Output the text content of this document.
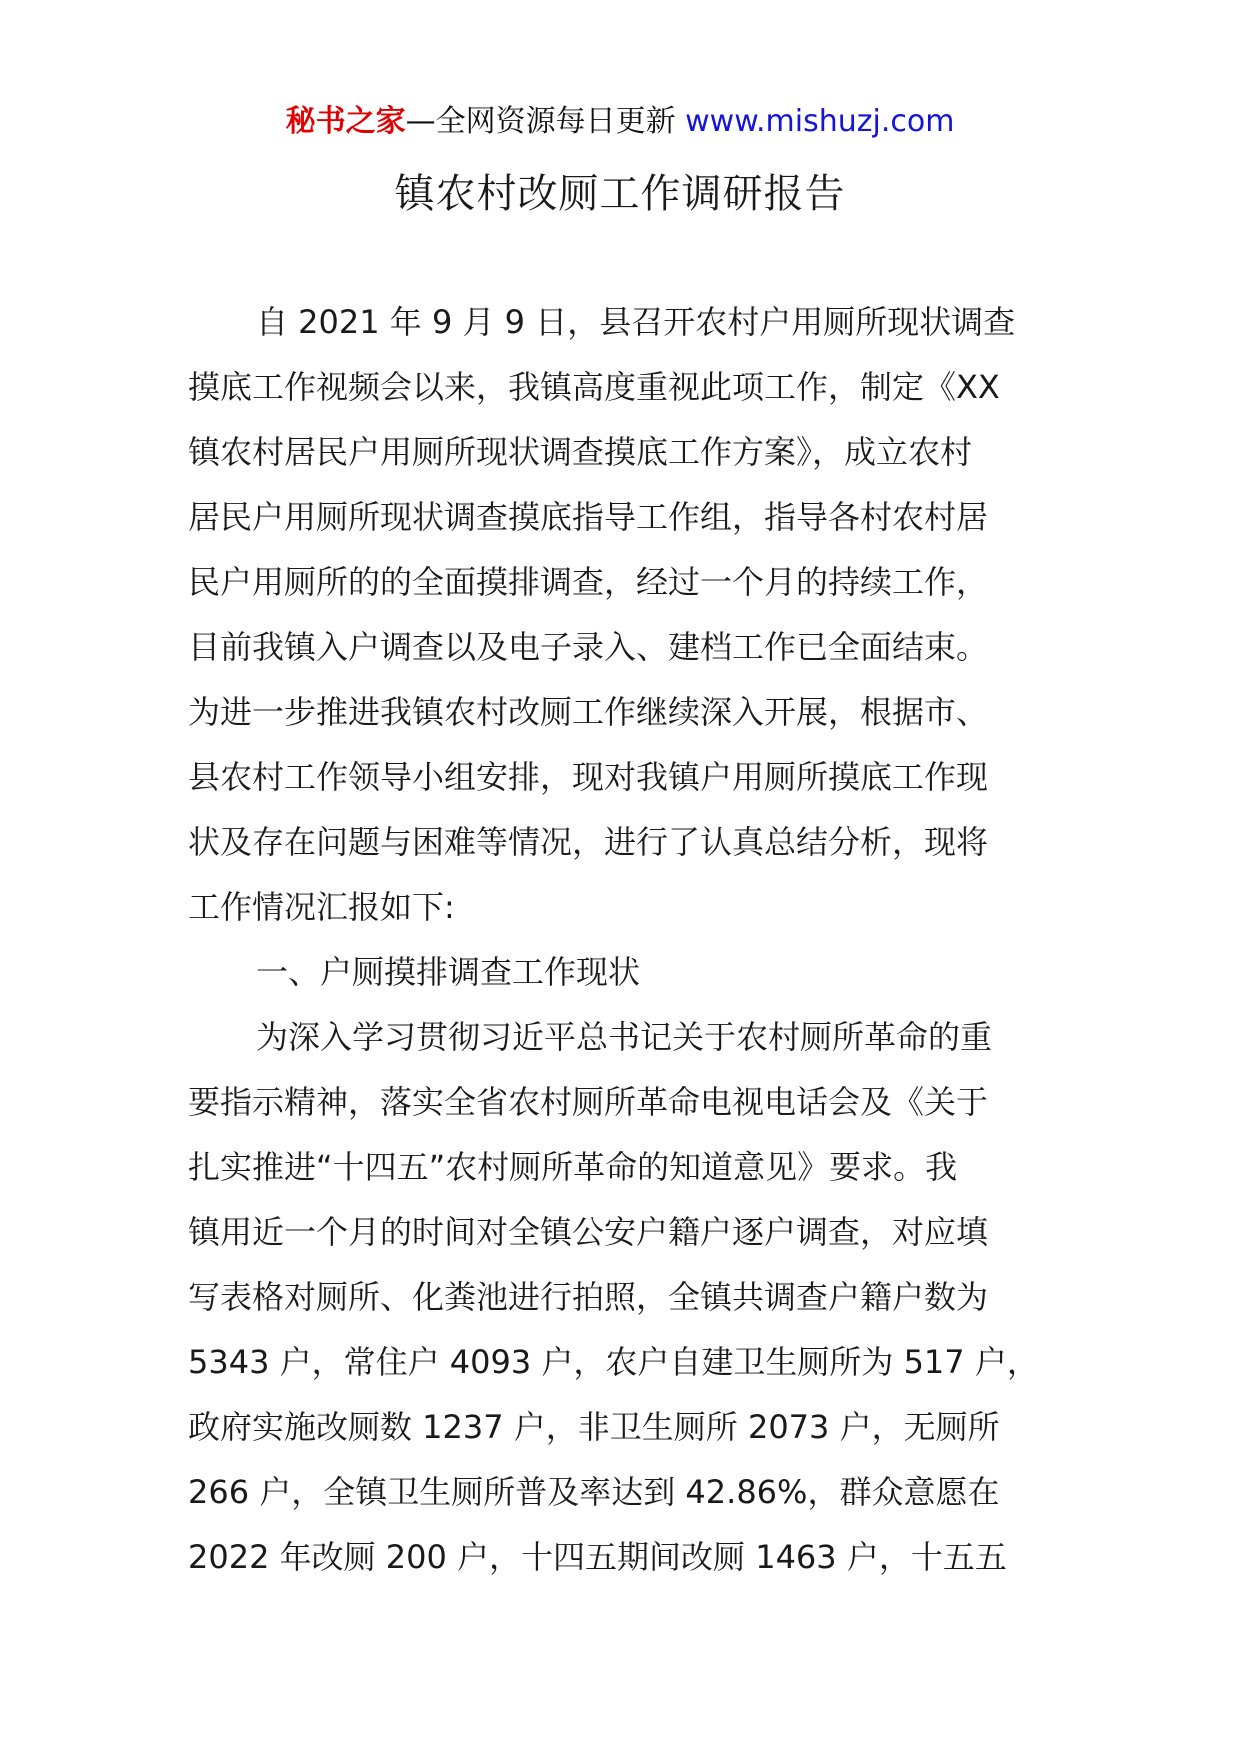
秘书之家—全网资源每日更新 www.mishuzj.com
镇农村改厕工作调研报告
自 2021 年 9 月 9 日，县召开农村户用厕所现状调查
摸底工作视频会以来，我镇高度重视此项工作，制定《XX
镇农村居民户用厕所现状调查摸底工作方案》，成立农村
居民户用厕所现状调查摸底指导工作组，指导各村农村居
民户用厕所的的全面摸排调查，经过一个月的持续工作，
目前我镇入户调查以及电子录入、建档工作已全面结束。
为进一步推进我镇农村改厕工作继续深入开展，根据市、
县农村工作领导小组安排，现对我镇户用厕所摸底工作现
状及存在问题与困难等情况，进行了认真总结分析，现将
工作情况汇报如下:
一、户厕摸排调查工作现状
为深入学习贯彻习近平总书记关于农村厕所革命的重
要指示精神，落实全省农村厕所革命电视电话会及《关于
扎实推进“十四五”农村厕所革命的知道意见》要求。我
镇用近一个月的时间对全镇公安户籍户逐户调查，对应填
写表格对厕所、化粪池进行拍照，全镇共调查户籍户数为
5343 户，常住户 4093 户，农户自建卫生厕所为 517 户，
政府实施改厕数 1237 户，非卫生厕所 2073 户，无厕所
266 户，全镇卫生厕所普及率达到 42.86%，群众意愿在
2022 年改厕 200 户，十四五期间改厕 1463 户，十五五
